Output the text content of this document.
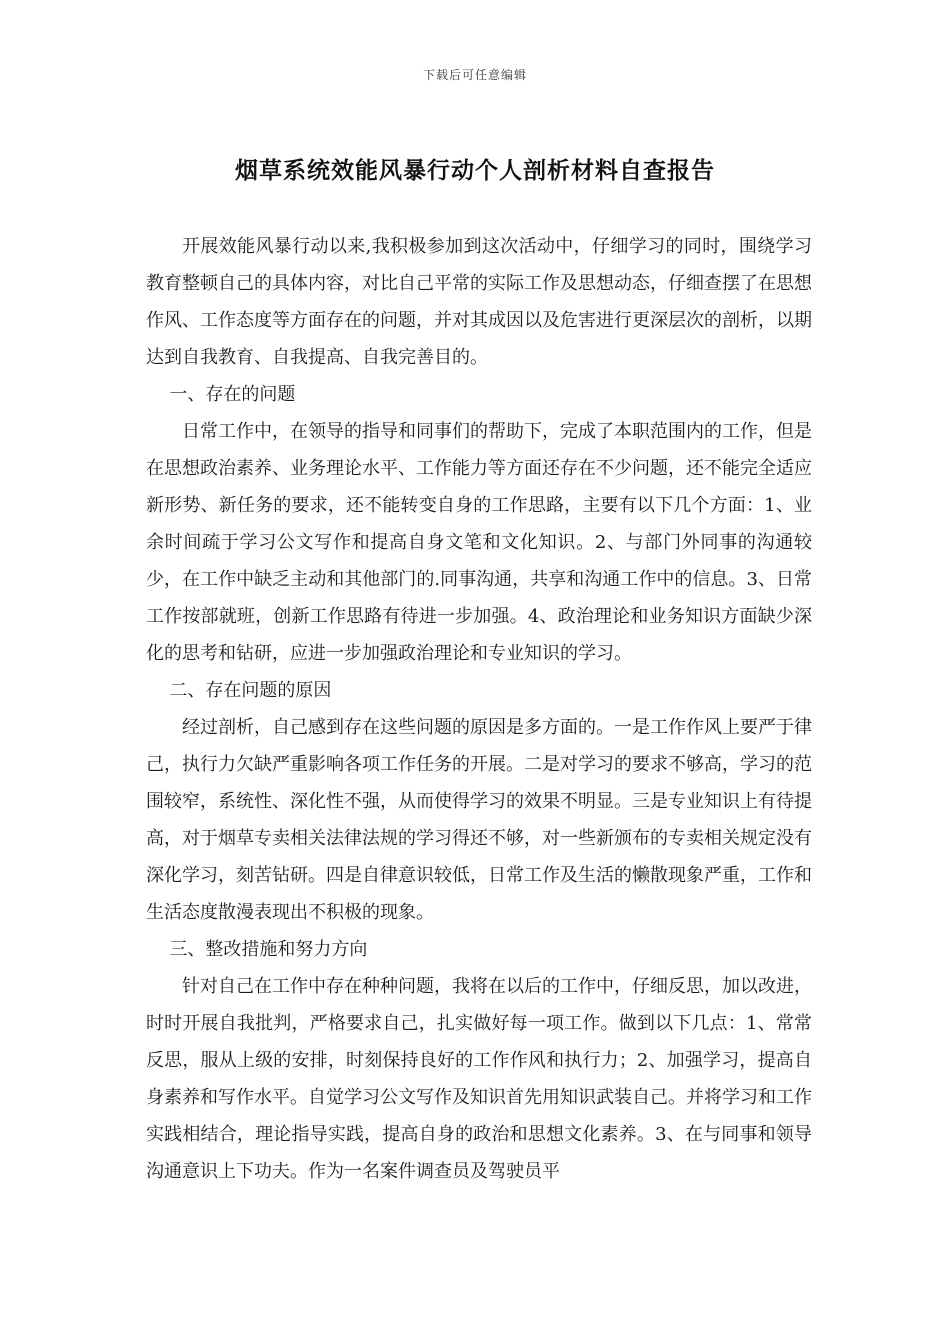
下载后可任意编辑
烟草系统效能风暴行动个人剖析材料自查报告

开展效能风暴行动以来,我积极参加到这次活动中，仔细学习的同时，围绕学习教育整顿自己的具体内容，对比自己平常的实际工作及思想动态，仔细查摆了在思想作风、工作态度等方面存在的问题，并对其成因以及危害进行更深层次的剖析，以期达到自我教育、自我提高、自我完善目的。

一、存在的问题

日常工作中，在领导的指导和同事们的帮助下，完成了本职范围内的工作，但是在思想政治素养、业务理论水平、工作能力等方面还存在不少问题，还不能完全适应新形势、新任务的要求，还不能转变自身的工作思路，主要有以下几个方面：1、业余时间疏于学习公文写作和提高自身文笔和文化知识。2、与部门外同事的沟通较少，在工作中缺乏主动和其他部门的.同事沟通，共享和沟通工作中的信息。3、日常工作按部就班，创新工作思路有待进一步加强。4、政治理论和业务知识方面缺少深化的思考和钻研，应进一步加强政治理论和专业知识的学习。

二、存在问题的原因

经过剖析，自己感到存在这些问题的原因是多方面的。一是工作作风上要严于律己，执行力欠缺严重影响各项工作任务的开展。二是对学习的要求不够高，学习的范围较窄，系统性、深化性不强，从而使得学习的效果不明显。三是专业知识上有待提高，对于烟草专卖相关法律法规的学习得还不够，对一些新颁布的专卖相关规定没有深化学习，刻苦钻研。四是自律意识较低，日常工作及生活的懒散现象严重，工作和生活态度散漫表现出不积极的现象。

三、整改措施和努力方向

针对自己在工作中存在种种问题，我将在以后的工作中，仔细反思，加以改进，时时开展自我批判，严格要求自己，扎实做好每一项工作。做到以下几点：1、常常反思，服从上级的安排，时刻保持良好的工作作风和执行力；2、加强学习，提高自身素养和写作水平。自觉学习公文写作及知识首先用知识武装自己。并将学习和工作实践相结合，理论指导实践，提高自身的政治和思想文化素养。3、在与同事和领导沟通意识上下功夫。作为一名案件调查员及驾驶员平
